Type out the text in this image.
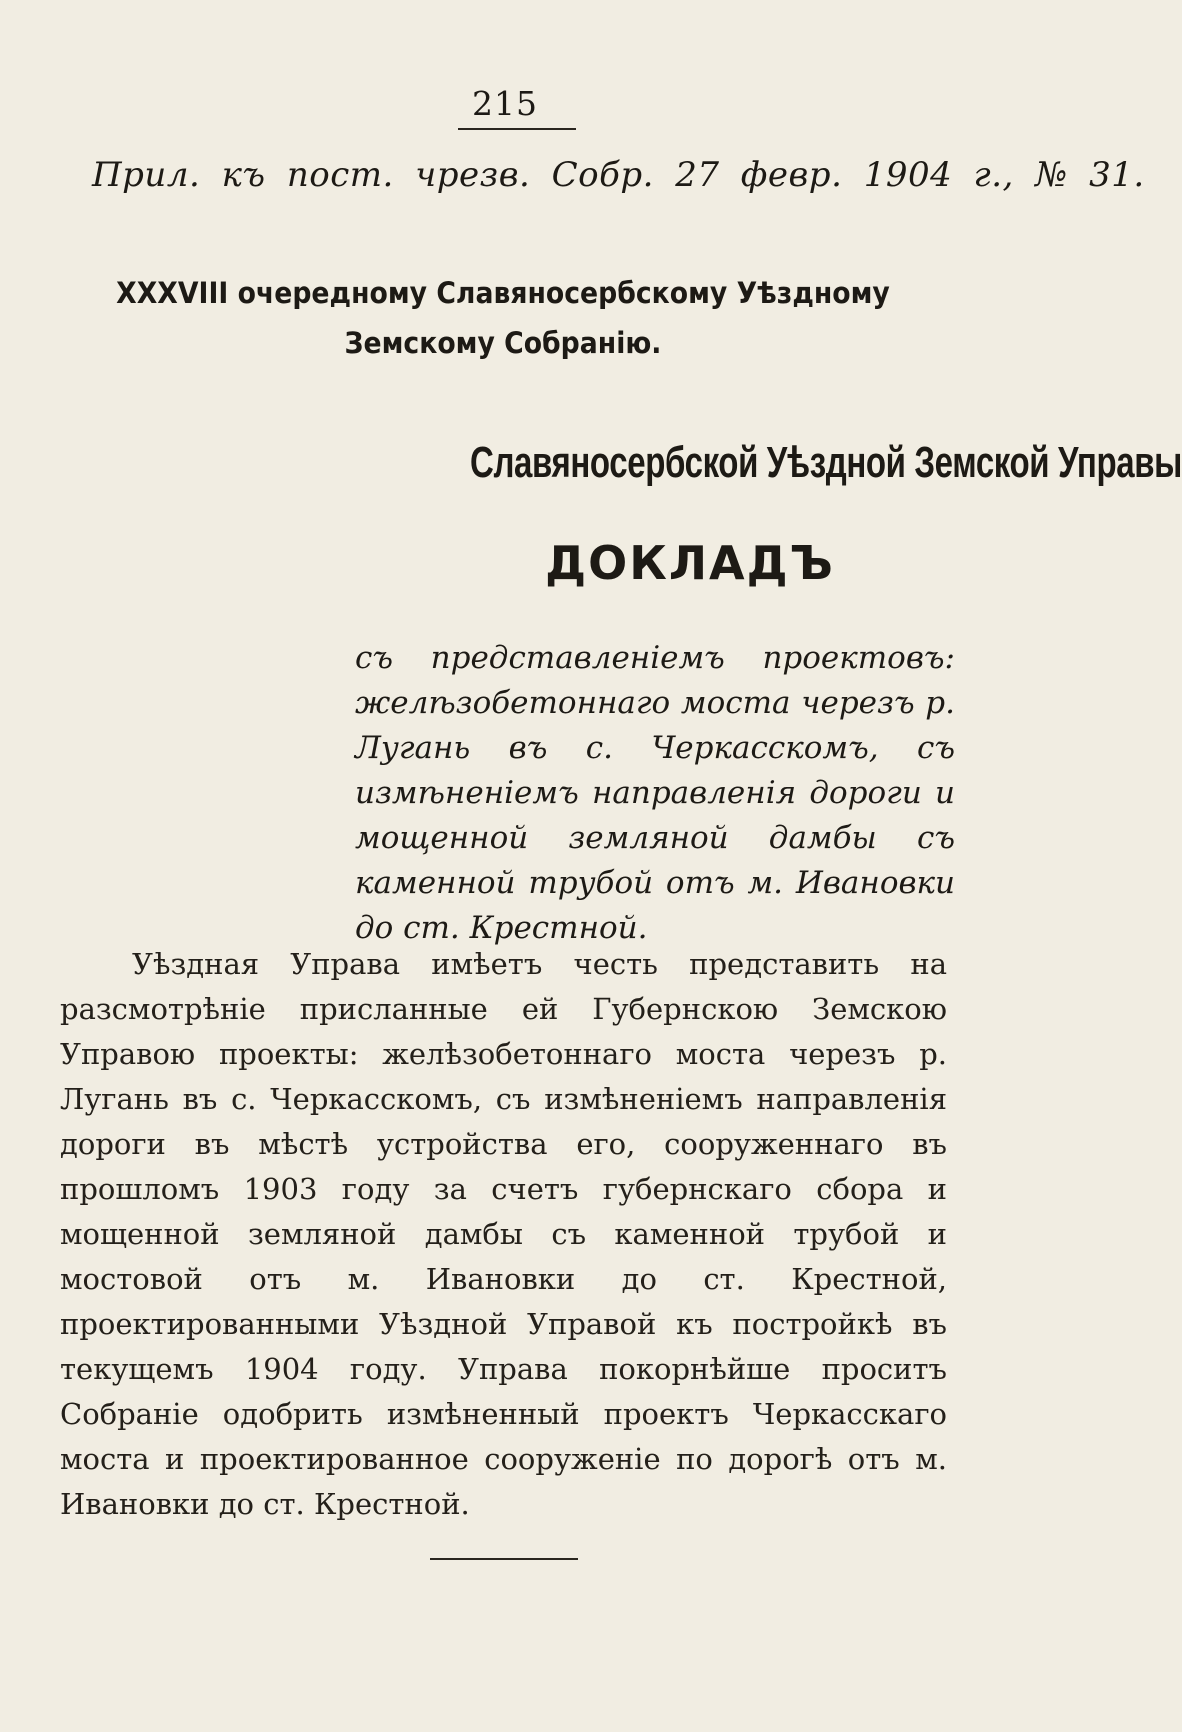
215
Прил. къ пост. чрезв. Собр. 27 февр. 1904 г., № 31.
XXXVIII очередному Славяносербскому Уѣздному Земскому Собранію.
Славяносербской Уѣздной Земской Управы
ДОКЛАДЪ
съ представленіемъ проектовъ: желѣзобетоннаго моста черезъ р. Лугань въ с. Черкасскомъ, съ измѣненіемъ направленія дороги и мощенной земляной дамбы съ каменной трубой отъ м. Ивановки до ст. Крестной.
Уѣздная Управа имѣетъ честь представить на разсмотрѣніе присланные ей Губернскою Земскою Управою проекты: желѣзобетоннаго моста черезъ р. Лугань въ с. Черкасскомъ, съ измѣненіемъ направленія дороги въ мѣстѣ устройства его, сооруженнаго въ прошломъ 1903 году за счетъ губернскаго сбора и мощенной земляной дамбы съ каменной трубой и мостовой отъ м. Ивановки до ст. Крестной, проектированными Уѣздной Управой къ постройкѣ въ текущемъ 1904 году. Управа покорнѣйше проситъ Собраніе одобрить измѣненный проектъ Черкасскаго моста и проектированное сооруженіе по дорогѣ отъ м. Ивановки до ст. Крестной.
